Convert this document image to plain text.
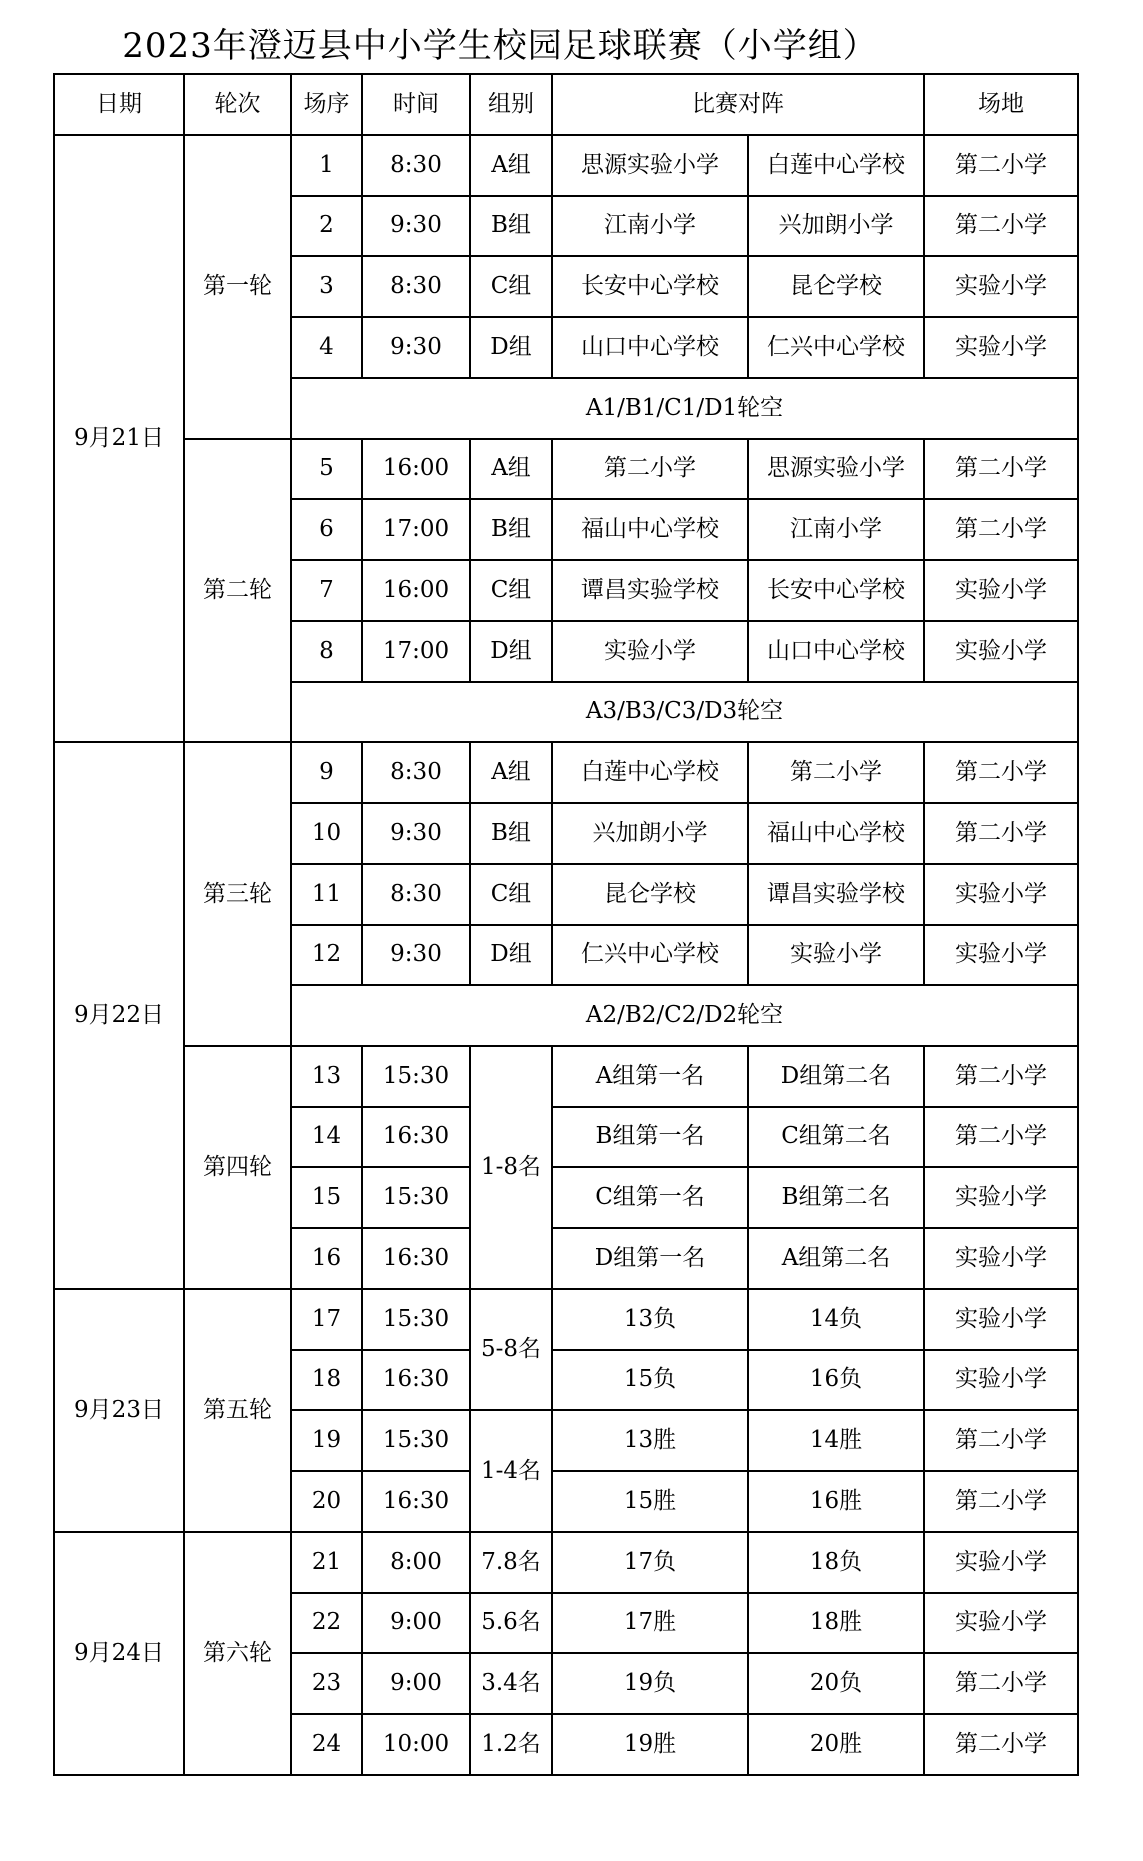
2023年澄迈县中小学生校园足球联赛（小学组）
日期	轮次	场序	时间	组别	比赛对阵		场地
9月21日	第一轮	1	8:30	A组	思源实验小学	白莲中心学校	第二小学
		2	9:30	B组	江南小学	兴加朗小学	第二小学
		3	8:30	C组	长安中心学校	昆仑学校	实验小学
		4	9:30	D组	山口中心学校	仁兴中心学校	实验小学
		A1/B1/C1/D1轮空					
	第二轮	5	16:00	A组	第二小学	思源实验小学	第二小学
		6	17:00	B组	福山中心学校	江南小学	第二小学
		7	16:00	C组	谭昌实验学校	长安中心学校	实验小学
		8	17:00	D组	实验小学	山口中心学校	实验小学
		A3/B3/C3/D3轮空					
9月22日	第三轮	9	8:30	A组	白莲中心学校	第二小学	第二小学
		10	9:30	B组	兴加朗小学	福山中心学校	第二小学
		11	8:30	C组	昆仑学校	谭昌实验学校	实验小学
		12	9:30	D组	仁兴中心学校	实验小学	实验小学
		A2/B2/C2/D2轮空					
	第四轮	13	15:30	1-8名	A组第一名	D组第二名	第二小学
		14	16:30		B组第一名	C组第二名	第二小学
		15	15:30		C组第一名	B组第二名	实验小学
		16	16:30		D组第一名	A组第二名	实验小学
9月23日	第五轮	17	15:30	5-8名	13负	14负	实验小学
		18	16:30		15负	16负	实验小学
		19	15:30	1-4名	13胜	14胜	第二小学
		20	16:30		15胜	16胜	第二小学
9月24日	第六轮	21	8:00	7.8名	17负	18负	实验小学
		22	9:00	5.6名	17胜	18胜	实验小学
		23	9:00	3.4名	19负	20负	第二小学
		24	10:00	1.2名	19胜	20胜	第二小学
